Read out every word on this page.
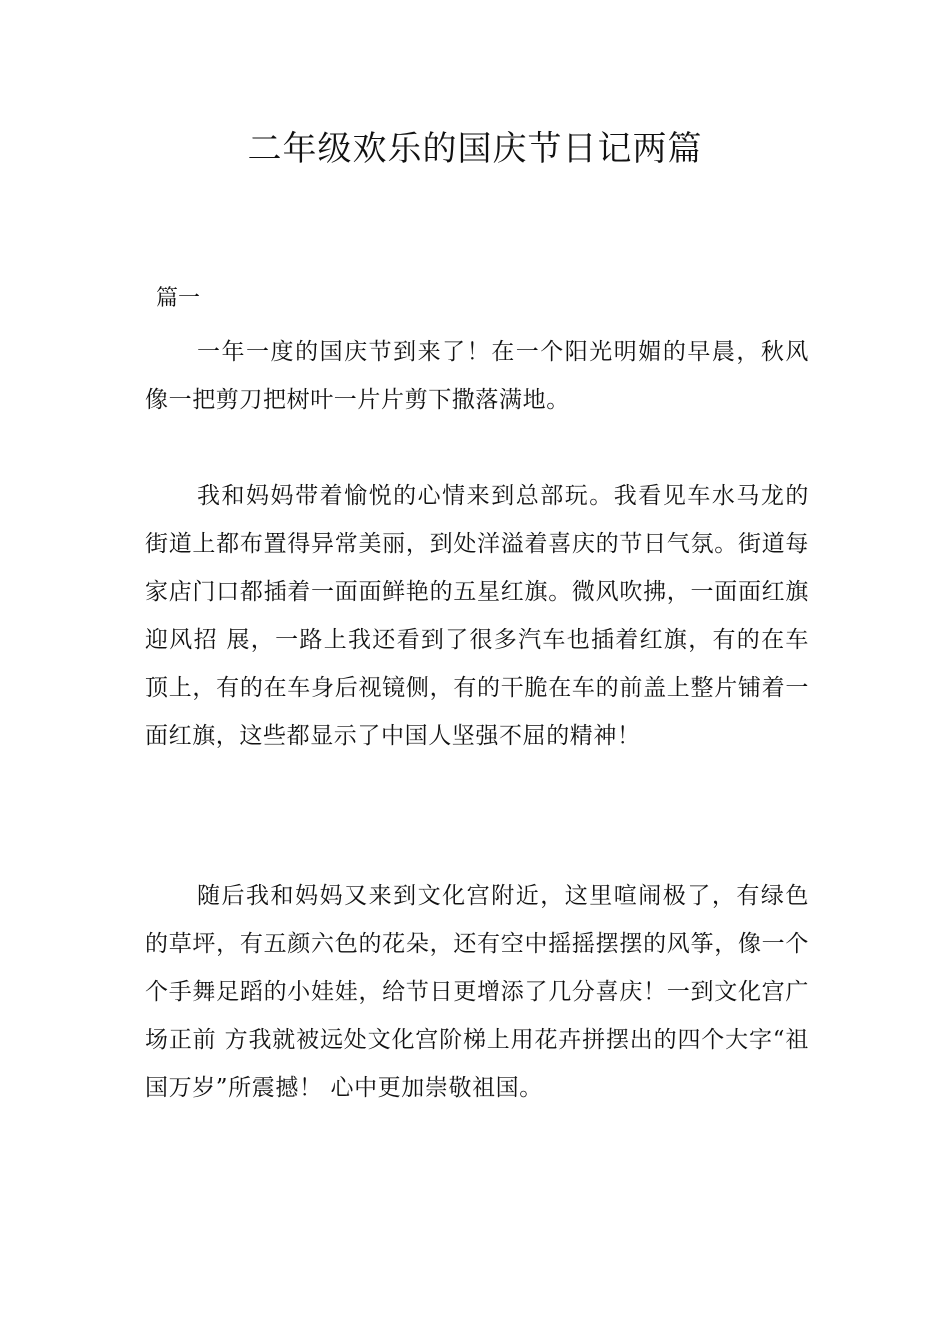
二年级欢乐的国庆节日记两篇

篇一

一年一度的国庆节到来了！在一个阳光明媚的早晨，秋风像一把剪刀把树叶一片片剪下撒落满地。

我和妈妈带着愉悦的心情来到总部玩。我看见车水马龙的街道上都布置得异常美丽，到处洋溢着喜庆的节日气氛。街道每家店门口都插着一面面鲜艳的五星红旗。微风吹拂，一面面红旗迎风招 展，一路上我还看到了很多汽车也插着红旗，有的在车顶上，有的在车身后视镜侧，有的干脆在车的前盖上整片铺着一面红旗，这些都显示了中国人坚强不屈的精神！

随后我和妈妈又来到文化宫附近，这里喧闹极了，有绿色的草坪，有五颜六色的花朵，还有空中摇摇摆摆的风筝，像一个个手舞足蹈的小娃娃，给节日更增添了几分喜庆！一到文化宫广场正前 方我就被远处文化宫阶梯上用花卉拼摆出的四个大字“祖国万岁”所震撼！ 心中更加崇敬祖国。
